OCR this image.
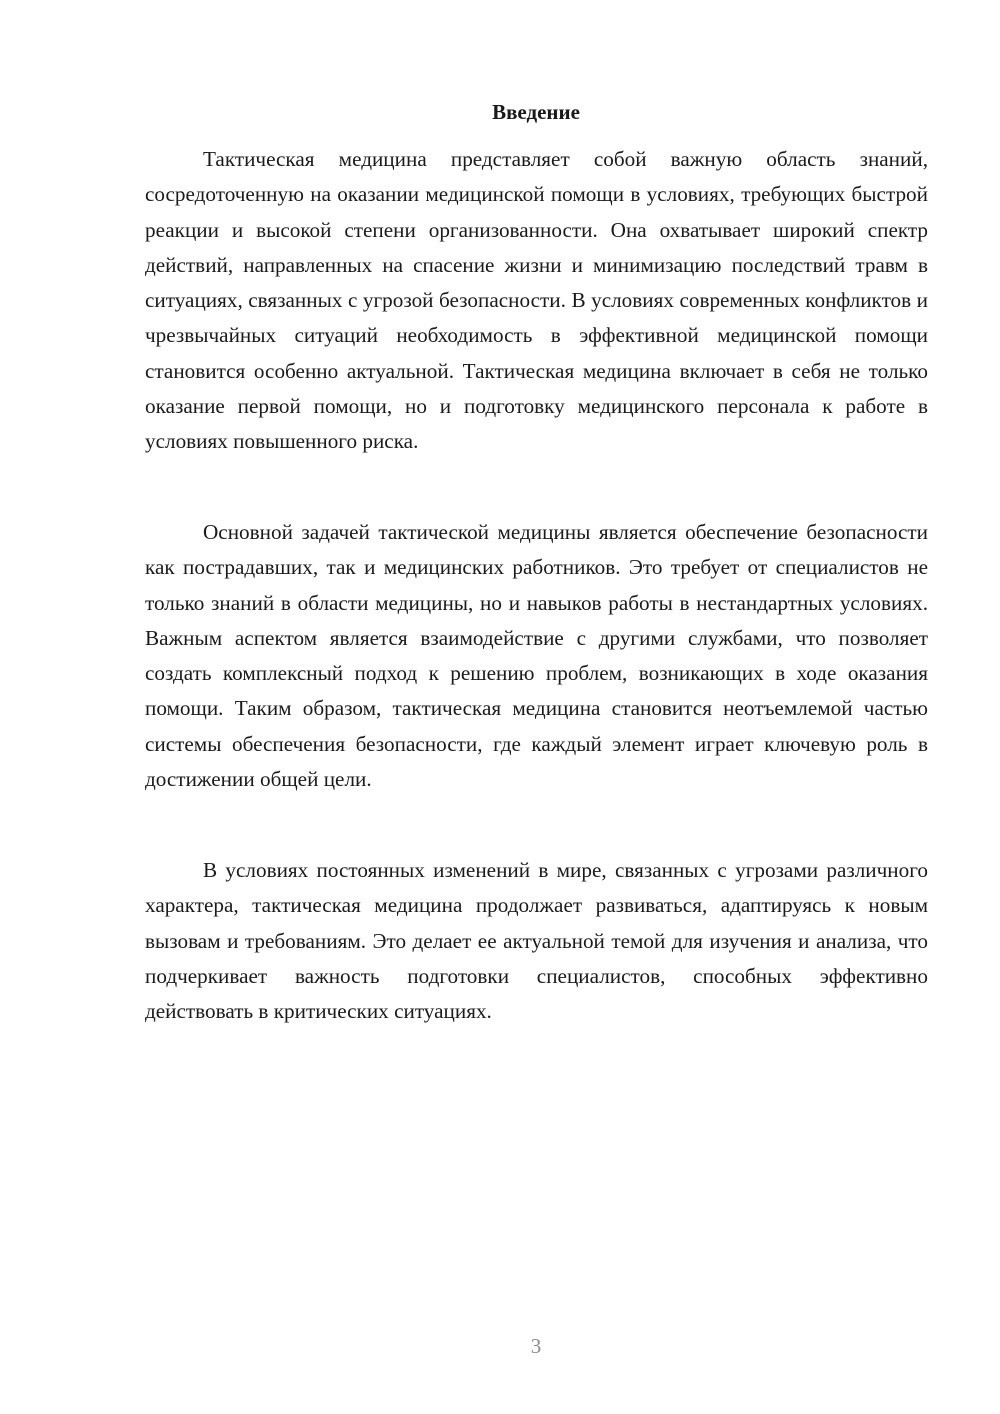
Введение

Тактическая медицина представляет собой важную область знаний, сосредоточенную на оказании медицинской помощи в условиях, требующих быстрой реакции и высокой степени организованности. Она охватывает широкий спектр действий, направленных на спасение жизни и минимизацию последствий травм в ситуациях, связанных с угрозой безопасности. В условиях современных конфликтов и чрезвычайных ситуаций необходимость в эффективной медицинской помощи становится особенно актуальной. Тактическая медицина включает в себя не только оказание первой помощи, но и подготовку медицинского персонала к работе в условиях повышенного риска.

Основной задачей тактической медицины является обеспечение безопасности как пострадавших, так и медицинских работников. Это требует от специалистов не только знаний в области медицины, но и навыков работы в нестандартных условиях. Важным аспектом является взаимодействие с другими службами, что позволяет создать комплексный подход к решению проблем, возникающих в ходе оказания помощи. Таким образом, тактическая медицина становится неотъемлемой частью системы обеспечения безопасности, где каждый элемент играет ключевую роль в достижении общей цели.

В условиях постоянных изменений в мире, связанных с угрозами различного характера, тактическая медицина продолжает развиваться, адаптируясь к новым вызовам и требованиям. Это делает ее актуальной темой для изучения и анализа, что подчеркивает важность подготовки специалистов, способных эффективно действовать в критических ситуациях.

3
